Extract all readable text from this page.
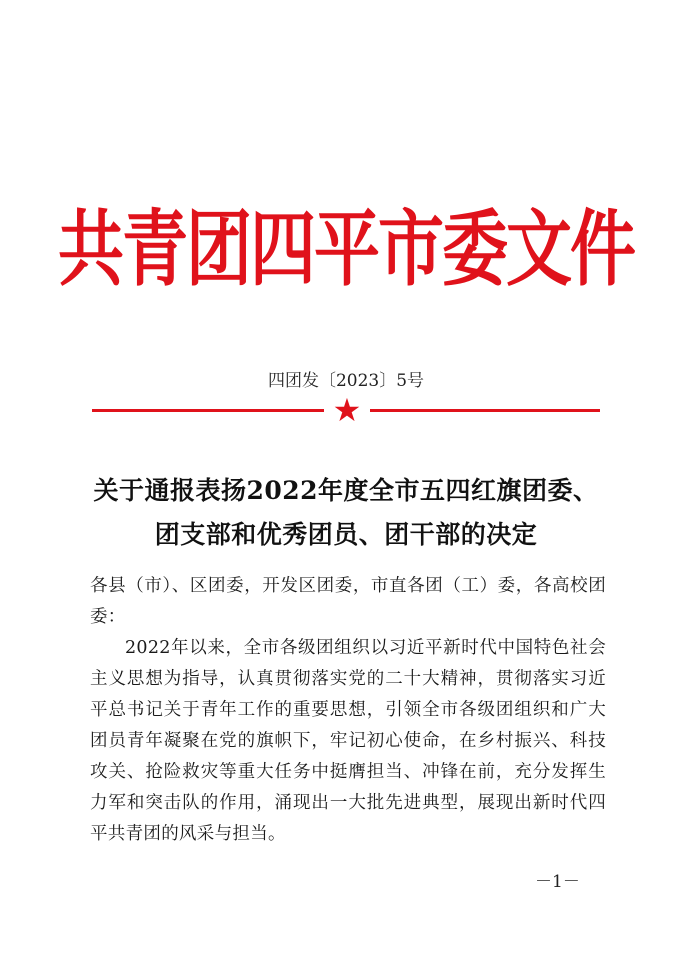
共青团四平市委文件
四团发〔2023〕5号
★
关于通报表扬2022年度全市五四红旗团委、
团支部和优秀团员、团干部的决定
各县（市）、区团委，开发区团委，市直各团（工）委，各高校团委：
2022年以来，全市各级团组织以习近平新时代中国特色社会主义思想为指导，认真贯彻落实党的二十大精神，贯彻落实习近平总书记关于青年工作的重要思想，引领全市各级团组织和广大团员青年凝聚在党的旗帜下，牢记初心使命，在乡村振兴、科技攻关、抢险救灾等重大任务中挺膺担当、冲锋在前，充分发挥生力军和突击队的作用，涌现出一大批先进典型，展现出新时代四平共青团的风采与担当。
－1－
